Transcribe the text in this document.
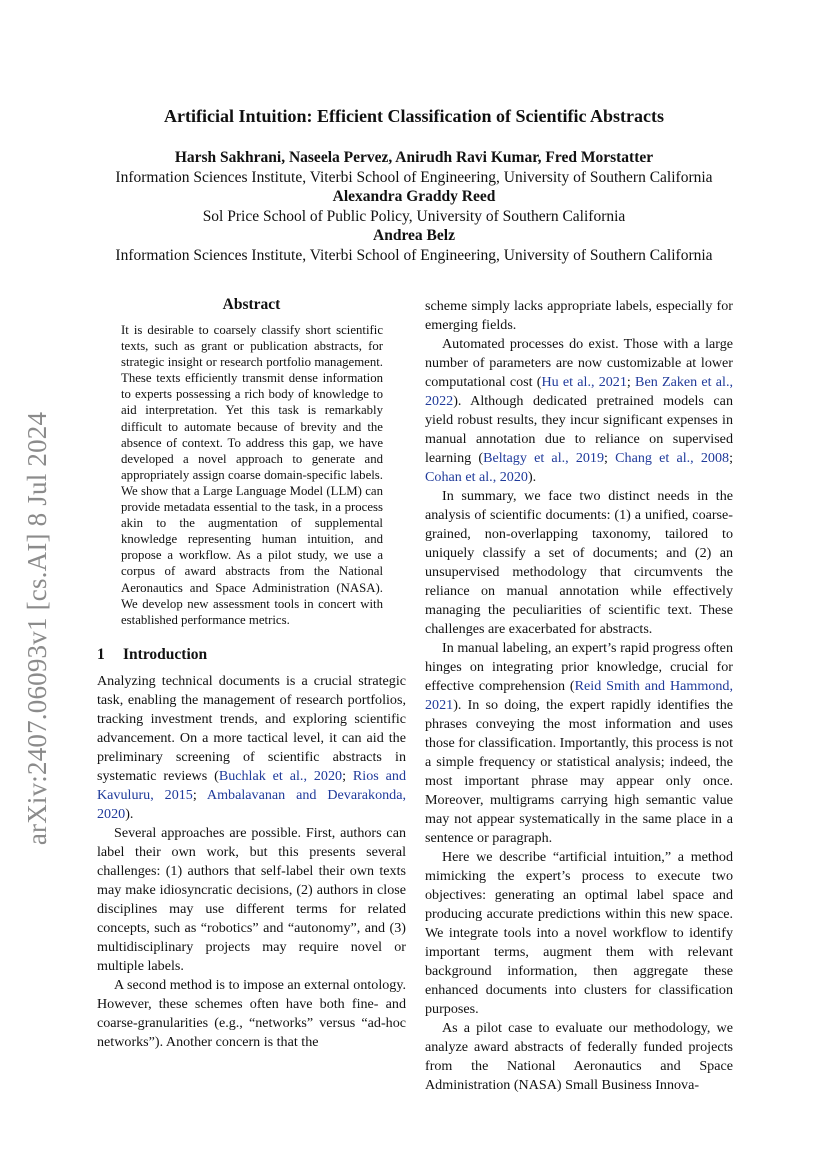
arXiv:2407.06093v1 [cs.AI] 8 Jul 2024
Artificial Intuition: Efficient Classification of Scientific Abstracts
Harsh Sakhrani, Naseela Pervez, Anirudh Ravi Kumar, Fred Morstatter
Information Sciences Institute, Viterbi School of Engineering, University of Southern California
Alexandra Graddy Reed
Sol Price School of Public Policy, University of Southern California
Andrea Belz
Information Sciences Institute, Viterbi School of Engineering, University of Southern California
Abstract

It is desirable to coarsely classify short scientific texts, such as grant or publication abstracts, for strategic insight or research portfolio management. These texts efficiently transmit dense information to experts possessing a rich body of knowledge to aid interpretation. Yet this task is remarkably difficult to automate because of brevity and the absence of context. To address this gap, we have developed a novel approach to generate and appropriately assign coarse domain-specific labels. We show that a Large Language Model (LLM) can provide metadata essential to the task, in a process akin to the augmentation of supplemental knowledge representing human intuition, and propose a workflow. As a pilot study, we use a corpus of award abstracts from the National Aeronautics and Space Administration (NASA). We develop new assessment tools in concert with established performance metrics.

1 Introduction

Analyzing technical documents is a crucial strategic task, enabling the management of research portfolios, tracking investment trends, and exploring scientific advancement. On a more tactical level, it can aid the preliminary screening of scientific abstracts in systematic reviews (Buchlak et al., 2020; Rios and Kavuluru, 2015; Ambalavanan and Devarakonda, 2020).

Several approaches are possible. First, authors can label their own work, but this presents several challenges: (1) authors that self-label their own texts may make idiosyncratic decisions, (2) authors in close disciplines may use different terms for related concepts, such as “robotics” and “autonomy”, and (3) multidisciplinary projects may require novel or multiple labels.

A second method is to impose an external ontology. However, these schemes often have both fine- and coarse-granularities (e.g., “networks” versus “ad-hoc networks”). Another concern is that the

scheme simply lacks appropriate labels, especially for emerging fields.

Automated processes do exist. Those with a large number of parameters are now customizable at lower computational cost (Hu et al., 2021; Ben Zaken et al., 2022). Although dedicated pretrained models can yield robust results, they incur significant expenses in manual annotation due to reliance on supervised learning (Beltagy et al., 2019; Chang et al., 2008; Cohan et al., 2020).

In summary, we face two distinct needs in the analysis of scientific documents: (1) a unified, coarse-grained, non-overlapping taxonomy, tailored to uniquely classify a set of documents; and (2) an unsupervised methodology that circumvents the reliance on manual annotation while effectively managing the peculiarities of scientific text. These challenges are exacerbated for abstracts.

In manual labeling, an expert’s rapid progress often hinges on integrating prior knowledge, crucial for effective comprehension (Reid Smith and Hammond, 2021). In so doing, the expert rapidly identifies the phrases conveying the most information and uses those for classification. Importantly, this process is not a simple frequency or statistical analysis; indeed, the most important phrase may appear only once. Moreover, multigrams carrying high semantic value may not appear systematically in the same place in a sentence or paragraph.

Here we describe “artificial intuition,” a method mimicking the expert’s process to execute two objectives: generating an optimal label space and producing accurate predictions within this new space. We integrate tools into a novel workflow to identify important terms, augment them with relevant background information, then aggregate these enhanced documents into clusters for classification purposes.

As a pilot case to evaluate our methodology, we analyze award abstracts of federally funded projects from the National Aeronautics and Space Administration (NASA) Small Business Innova-
